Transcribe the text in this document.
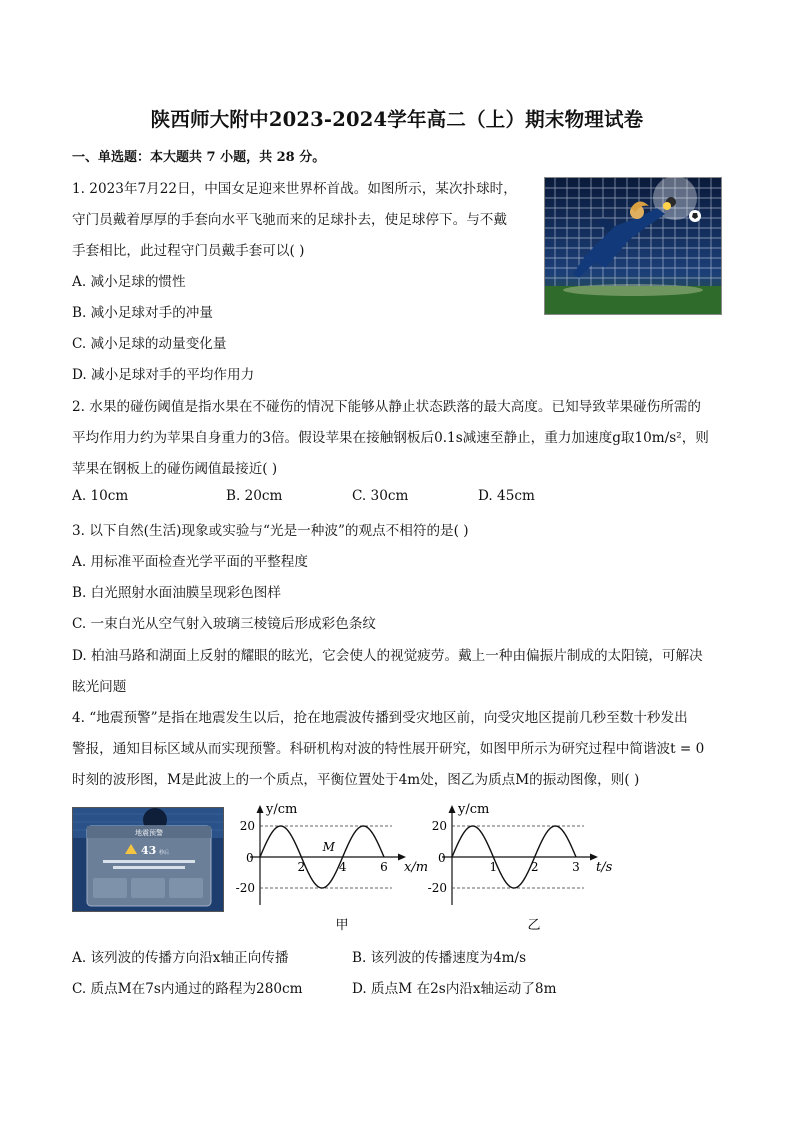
陕西师大附中2023-2024学年高二（上）期末物理试卷
一、单选题：本大题共 7 小题，共 28 分。
1. 2023年7月22日，中国女足迎来世界杯首战。如图所示，某次扑球时，
守门员戴着厚厚的手套向水平飞驰而来的足球扑去，使足球停下。与不戴
手套相比，此过程守门员戴手套可以( )
A. 减小足球的惯性
B. 减小足球对手的冲量
C. 减小足球的动量变化量
D. 减小足球对手的平均作用力
2. 水果的碰伤阈值是指水果在不碰伤的情况下能够从静止状态跌落的最大高度。已知导致苹果碰伤所需的
平均作用力约为苹果自身重力的3倍。假设苹果在接触钢板后0.1s减速至静止，重力加速度g取10m/s²，则
苹果在钢板上的碰伤阈值最接近( )
A. 10cm	B. 20cm	C. 30cm	D. 45cm
3. 以下自然(生活)现象或实验与“光是一种波”的观点不相符的是( )
A. 用标准平面检查光学平面的平整程度
B. 白光照射水面油膜呈现彩色图样
C. 一束白光从空气射入玻璃三棱镜后形成彩色条纹
D. 柏油马路和湖面上反射的耀眼的眩光，它会使人的视觉疲劳。戴上一种由偏振片制成的太阳镜，可解决
眩光问题
4. “地震预警”是指在地震发生以后，抢在地震波传播到受灾地区前，向受灾地区提前几秒至数十秒发出
警报，通知目标区域从而实现预警。科研机构对波的特性展开研究，如图甲所示为研究过程中简谐波t = 0
时刻的波形图，M是此波上的一个质点，平衡位置处于4m处，图乙为质点M的振动图像，则( )
地震预警
43 秒后
y/cm
x/m
0
20
-20
2	4	6
M
甲
y/cm
t/s
0
20
-20
1	2	3
乙
A. 该列波的传播方向沿x轴正向传播	B. 该列波的传播速度为4m/s
C. 质点M在7s内通过的路程为280cm	D. 质点M 在2s内沿x轴运动了8m
